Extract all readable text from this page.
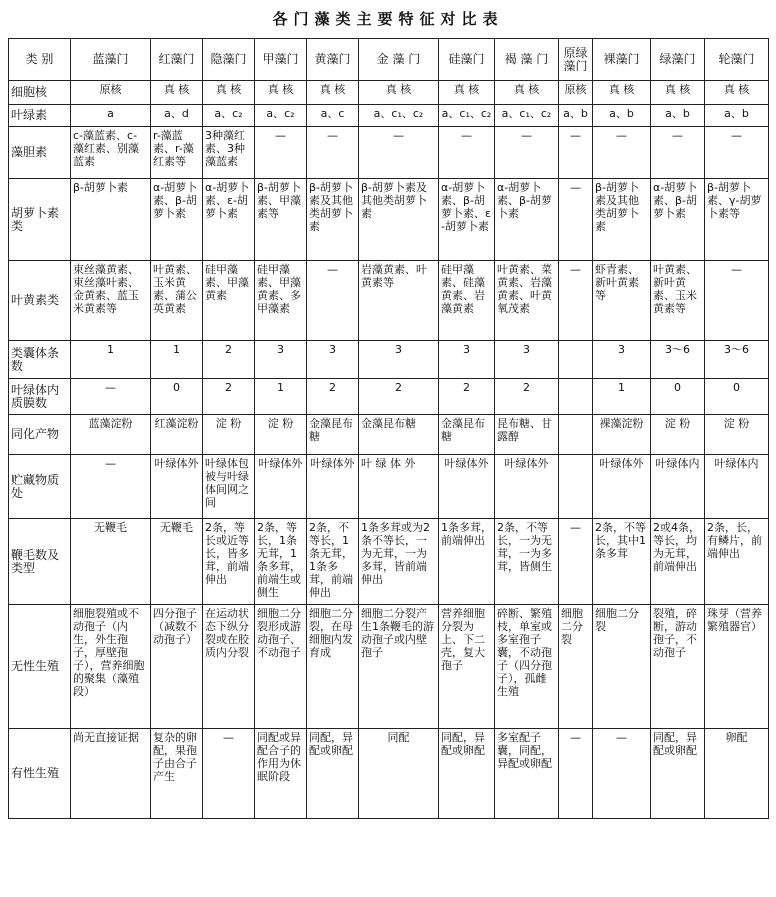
各门藻类主要特征对比表
类 别	蓝藻门	红藻门	隐藻门	甲藻门	黄藻门	金 藻 门	硅藻门	褐 藻 门	原绿藻门	裸藻门	绿藻门	轮藻门
细胞核	原核	真 核	真 核	真 核	真 核	真 核	真 核	真 核	原核	真 核	真 核	真 核
叶绿素	a	a、d	a、c₂	a、c₂	a、c	a、c₁、c₂	a、c₁、c₂	a、c₁、c₂	a、b	a、b	a、b	a、b
藻胆素	c-藻蓝素、c-藻红素、别藻蓝素	r-藻蓝素、r-藻红素等	3种藻红素、3种藻蓝素	—	—	—	—	—	—	—	—	—
胡萝卜素类	β-胡萝卜素	α-胡萝卜素、β-胡萝卜素	α-胡萝卜素、ε-胡萝卜素	β-胡萝卜素、甲藻素等	β-胡萝卜素及其他类胡萝卜素	β-胡萝卜素及其他类胡萝卜素	α-胡萝卜素、β-胡萝卜素、ε-胡萝卜素	α-胡萝卜素、β-胡萝卜素	—	β-胡萝卜素及其他类胡萝卜素	α-胡萝卜素、β-胡萝卜素	β-胡萝卜素、γ-胡萝卜素等
叶黄素类	束丝藻黄素、束丝藻叶素、金黄素、蓝玉米黄素等	叶黄素、玉米黄素、蒲公英黄素	硅甲藻素、甲藻黄素	硅甲藻素、甲藻黄素、多甲藻素	—	岩藻黄素、叶黄素等	硅甲藻素、硅藻黄素、岩藻黄素	叶黄素、菜黄素、岩藻黄素、叶黄氧茂素	—	虾青素、新叶黄素等	叶黄素、新叶黄素、玉米黄素等	—
类囊体条数	1	1	2	3	3	3	3	3		3	3～6	3～6
叶绿体内质膜数	—	0	2	1	2	2	2	2		1	0	0
同化产物	蓝藻淀粉	红藻淀粉	淀 粉	淀 粉	金藻昆布糖	金藻昆布糖	金藻昆布糖	昆布糖、甘露醇		裸藻淀粉	淀 粉	淀 粉
贮藏物质处	—	叶绿体外	叶绿体包被与叶绿体间网之间	叶绿体外	叶绿体外	叶 绿 体 外	叶绿体外	叶绿体外		叶绿体外	叶绿体内	叶绿体内
鞭毛数及类型	无鞭毛	无鞭毛	2条，等长或近等长，皆多茸，前端伸出	2条，等长，1条无茸，1条多茸，前端生或侧生	2条，不等长，1条无茸，1条多茸，前端伸出	1条多茸或为2条不等长，一为无茸，一为多茸，皆前端伸出	1条多茸，前端伸出	2条，不等长，一为无茸，一为多茸，皆侧生	—	2条，不等长，其中1条多茸	2或4条，等长，均为无茸，前端伸出	2条，长，有鳞片，前端伸出
无性生殖	细胞裂殖或不动孢子（内生，外生孢子，厚壁孢子），营养细胞的聚集（藻殖段）	四分孢子（减数不动孢子）	在运动状态下纵分裂或在胶质内分裂	细胞二分裂形成游动孢子、不动孢子	细胞二分裂，在母细胞内发育成	细胞二分裂产生1条鞭毛的游动孢子或内壁孢子	营养细胞分裂为上、下二壳，复大孢子	碎断、繁殖枝，单室或多室孢子囊，不动孢子（四分孢子），孤雌生殖	细胞二分裂	细胞二分裂	裂殖，碎断，游动孢子，不动孢子	珠芽（营养繁殖器官）
有性生殖	尚无直接证据	复杂的卵配，果孢子由合子产生	—	同配或异配合子的作用为休眠阶段	同配，异配或卵配	同配	同配，异配或卵配	多室配子囊，同配，异配或卵配	—	—	同配，异配或卵配	卵配
